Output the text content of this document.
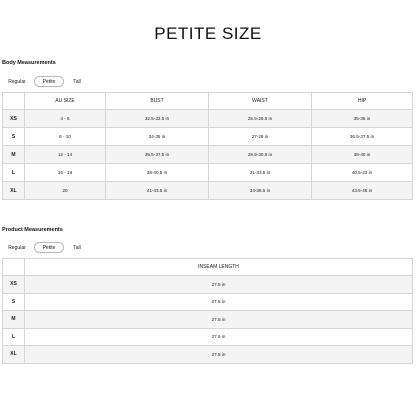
PETITE SIZE
Body Measurements
Regular	Petite	Tall
	AU SIZE	BUST	WAIST	HIP
XS	4 - 6	32.5-33.5 in	25.5-26.5 in	35-36 in
S	8 - 10	34-35 in	27-28 in	36.5-37.5 in
M	12 - 14	35.5-37.5 in	28.5-30.5 in	38-40 in
L	16 - 18	38-40.5 in	31-33.5 in	40.5-43 in
XL	20	41-43.5 in	34-36.5 in	43.5-46 in
Product Measurements
Regular	Petite	Tall
	INSEAM LENGTH
XS	27.5 in
S	27.5 in
M	27.5 in
L	27.5 in
XL	27.5 in
